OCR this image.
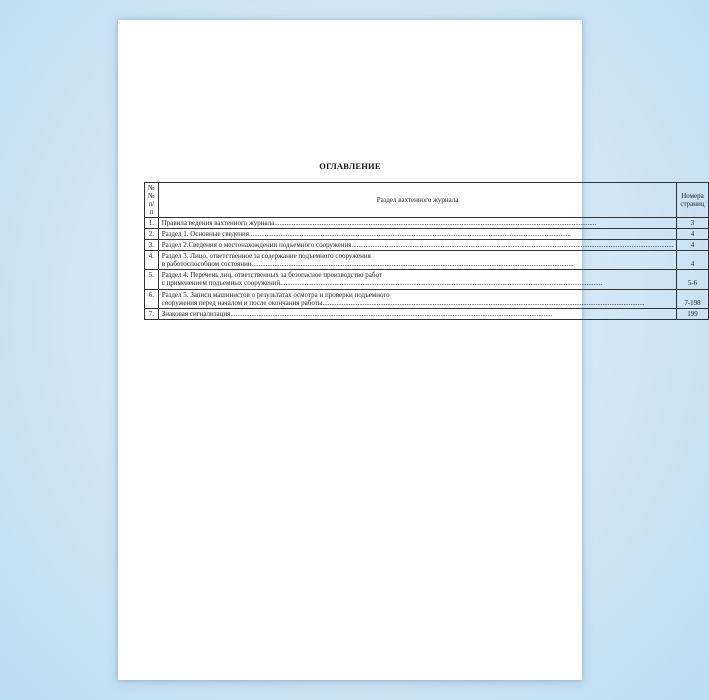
ОГЛАВЛЕНИЕ
№№ п/п	Раздел вахтенного журнала	Номера страниц
1.	Правила ведения вахтенного журнала .....	3
2.	Раздел 1. Основные сведения .....	4
3.	Раздел 2.Сведения о местонахождении подъемного сооружения .....	4
4.	Раздел 3. Лицо, ответственное за содержание подъемного сооружения
в работоспособном состоянии .....	4
5.	Раздел 4. Перечень лиц, ответственных за безопасное производство работ
с применением подъемных сооружений .....	5-6
6.	Раздел 5. Записи машинистов о результатах осмотра и проверки подъемного
сооружения перед началом и после окончания работы .....	7-198
7.	Знаковая сигнализация .....	199
